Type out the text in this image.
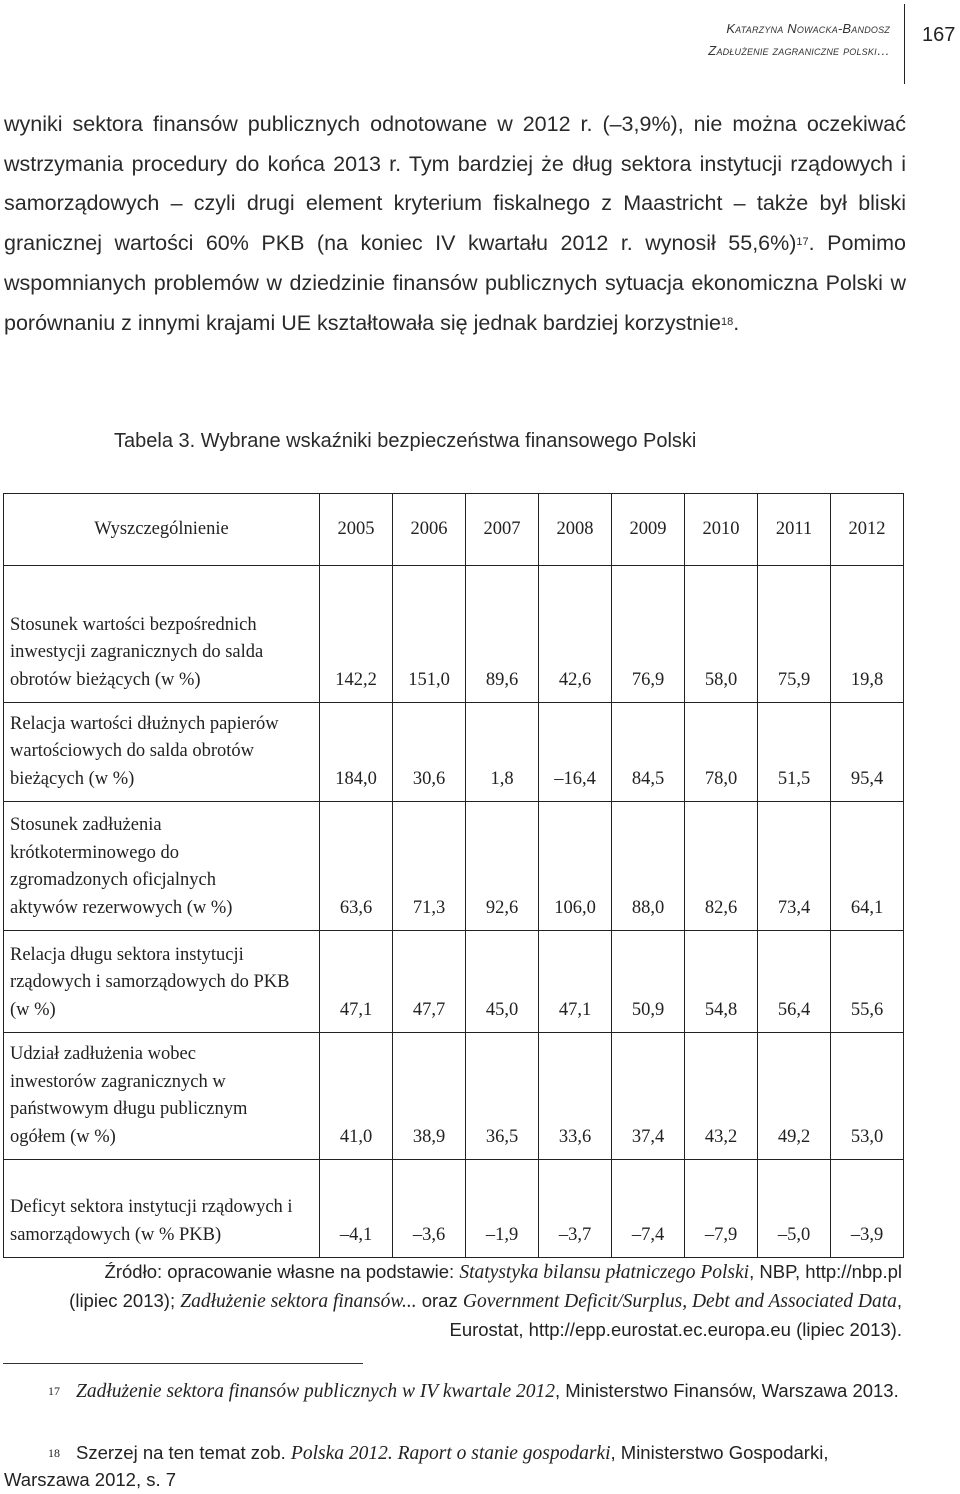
Katarzyna Nowacka-Bandosz
Zadłużenie zagraniczne polski…
167

wyniki sektora finansów publicznych odnotowane w 2012 r. (–3,9%), nie można oczekiwać wstrzymania procedury do końca 2013 r. Tym bardziej że dług sektora instytucji rządowych i samorządowych – czyli drugi element kryterium fiskalnego z Maastricht – także był bliski granicznej wartości 60% PKB (na koniec IV kwartału 2012 r. wynosił 55,6%)$^{17}$. Pomimo wspomnianych problemów w dziedzinie finansów publicznych sytuacja ekonomiczna Polski w porównaniu z innymi krajami UE kształtowała się jednak bardziej korzystnie$^{18}$.

Tabela 3. Wybrane wskaźniki bezpieczeństwa finansowego Polski
Wyszczególnienie	2005	2006	2007	2008	2009	2010	2011	2012

Stosunek wartości bezpośrednich inwestycji zagranicznych do salda obrotów bieżących (w %)	142,2	151,0	89,6	42,6	76,9	58,0	75,9	19,8

Relacja wartości dłużnych papierów wartościowych do salda obrotów bieżących (w %)	184,0	30,6	1,8	–16,4	84,5	78,0	51,5	95,4

Stosunek zadłużenia krótkoterminowego do zgromadzonych oficjalnych aktywów rezerwowych (w %)	63,6	71,3	92,6	106,0	88,0	82,6	73,4	64,1

Relacja długu sektora instytucji rządowych i samorządowych do PKB (w %)	47,1	47,7	45,0	47,1	50,9	54,8	56,4	55,6

Udział zadłużenia wobec inwestorów zagranicznych w państwowym długu publicznym ogółem (w %)	41,0	38,9	36,5	33,6	37,4	43,2	49,2	53,0

Deficyt sektora instytucji rządowych i samorządowych (w % PKB)	–4,1	–3,6	–1,9	–3,7	–7,4	–7,9	–5,0	–3,9
Źródło: opracowanie własne na podstawie: Statystyka bilansu płatniczego Polski, NBP, http://nbp.pl (lipiec 2013); Zadłużenie sektora finansów... oraz Government Deficit/Surplus, Debt and Associated Data, Eurostat, http://epp.eurostat.ec.europa.eu (lipiec 2013).
17 Zadłużenie sektora finansów publicznych w IV kwartale 2012, Ministerstwo Finansów, Warszawa 2013.
18 Szerzej na ten temat zob. Polska 2012. Raport o stanie gospodarki, Ministerstwo Gospodarki, Warszawa 2012, s. 7
